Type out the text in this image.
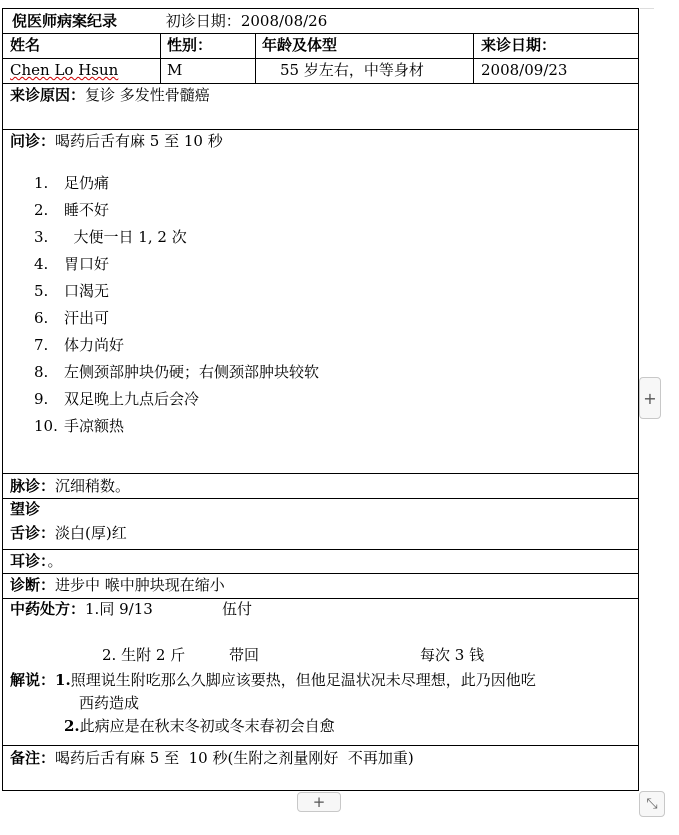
倪医师病案纪录	初诊日期：2008/08/26
姓名	性别：	年龄及体型	来诊日期：
Chen Lo Hsun	M	55 岁左右，中等身材	2008/09/23
来诊原因：复诊 多发性骨髓癌
问诊：喝药后舌有麻 5 至 10 秒
1. 足仍痛
2. 睡不好
3.  大便一日 1, 2 次
4. 胃口好
5. 口渴无
6. 汗出可
7. 体力尚好
8. 左侧颈部肿块仍硬；右侧颈部肿块较软
9. 双足晚上九点后会冷
10. 手凉额热
脉诊：沉细稍数。
望诊
舌诊：淡白(厚)红
耳诊：。
诊断：进步中 喉中肿块现在缩小
中药处方：1.同 9/13	伍付
2. 生附 2 斤	带回	每次 3 钱
解说：1.照理说生附吃那么久脚应该要热，但他足温状况未尽理想，此乃因他吃
西药造成
2.此病应是在秋末冬初或冬末春初会自愈
备注：喝药后舌有麻 5 至  10 秒(生附之剂量刚好  不再加重)
+
+	⤡
